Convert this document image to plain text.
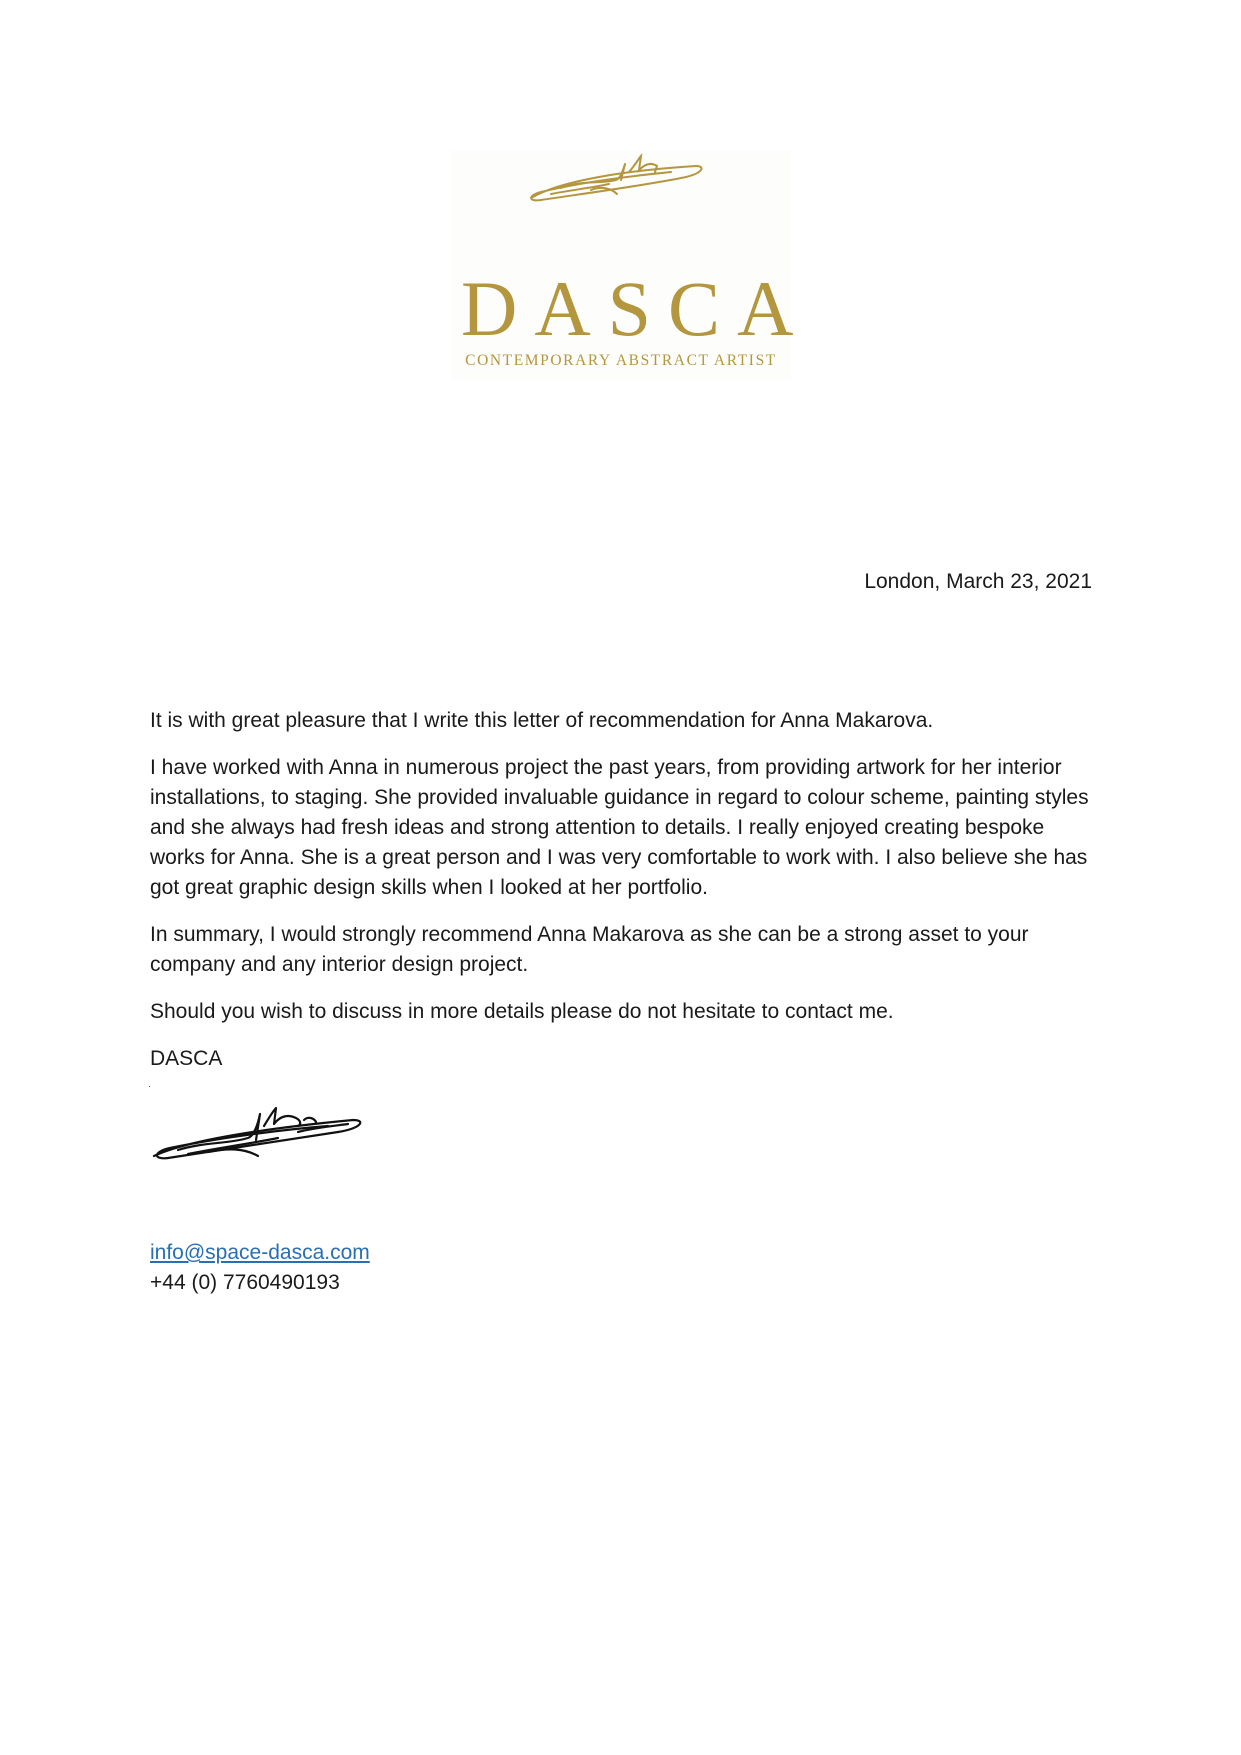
DASCA
CONTEMPORARY ABSTRACT ARTIST
London, March 23, 2021

It is with great pleasure that I write this letter of recommendation for Anna Makarova.

I have worked with Anna in numerous project the past years, from providing artwork for her interior installations, to staging. She provided invaluable guidance in regard to colour scheme, painting styles and she always had fresh ideas and strong attention to details. I really enjoyed creating bespoke works for Anna. She is a great person and I was very comfortable to work with. I also believe she has got great graphic design skills when I looked at her portfolio.

In summary, I would strongly recommend Anna Makarova as she can be a strong asset to your company and any interior design project.

Should you wish to discuss in more details please do not hesitate to contact me.

DASCA

info@space-dasca.com
+44 (0) 7760490193
